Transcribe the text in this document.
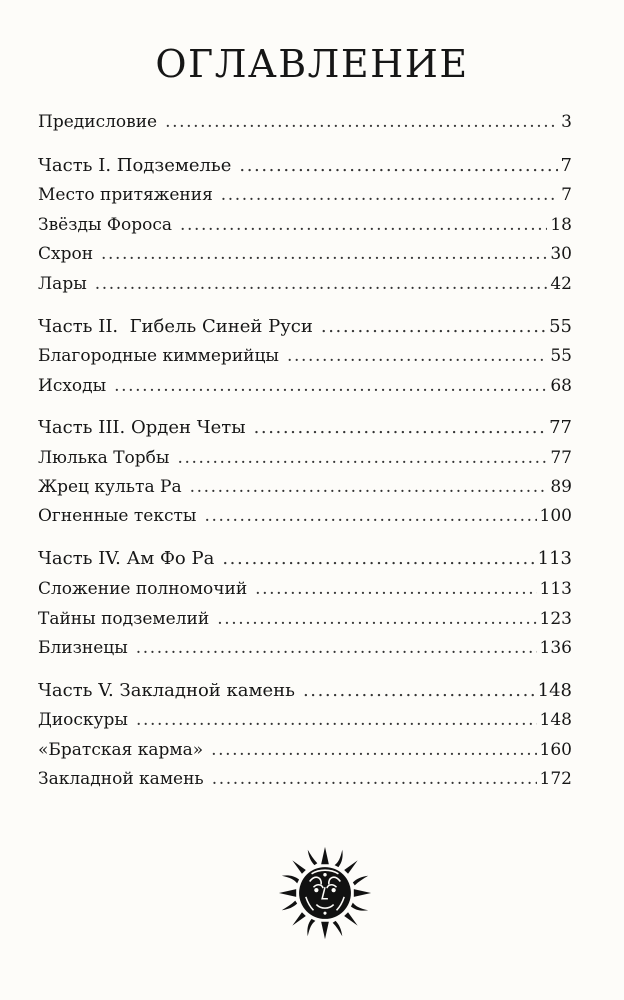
ОГЛАВЛЕНИЕ
Предисловие .....	3
Часть I. Подземелье .....	7
Место притяжения .....	7
Звёзды Фороса .....	18
Схрон .....	30
Лары .....	42
Часть II.  Гибель Синей Руси .....	55
Благородные киммерийцы .....	55
Исходы .....	68
Часть III. Орден Четы .....	77
Люлька Торбы .....	77
Жрец культа Ра .....	89
Огненные тексты .....	100
Часть IV. Ам Фо Ра .....	113
Сложение полномочий .....	113
Тайны подземелий .....	123
Близнецы .....	136
Часть V. Закладной камень .....	148
Диоскуры .....	148
«Братская карма» .....	160
Закладной камень .....	172
